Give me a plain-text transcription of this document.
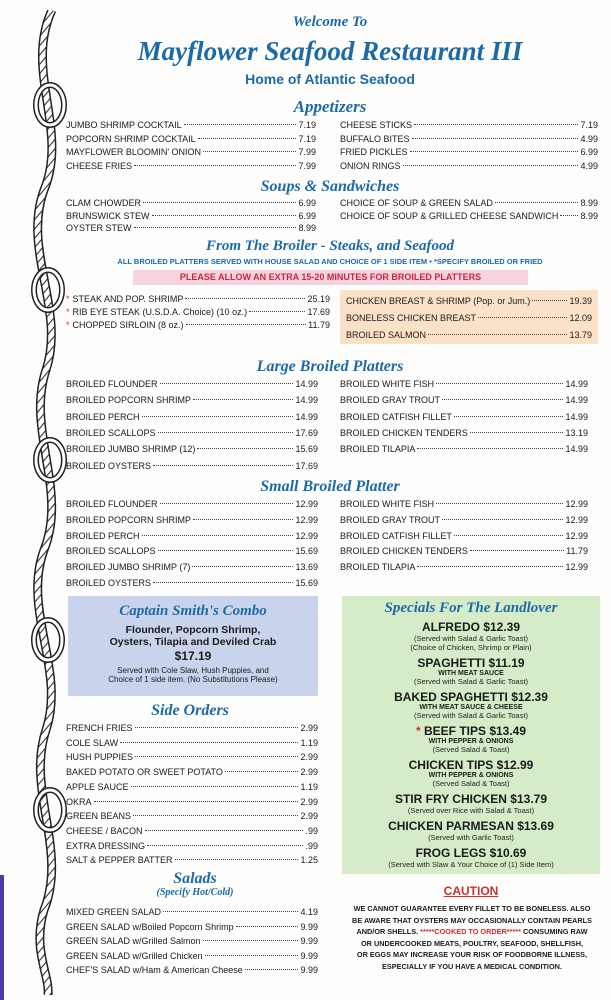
Welcome To
Mayflower Seafood Restaurant III
Home of Atlantic Seafood
Appetizers
Soups & Sandwiches
From The Broiler - Steaks, and Seafood
ALL BROILED PLATTERS SERVED WITH HOUSE SALAD AND CHOICE OF 1 SIDE ITEM • *SPECIFY BROILED OR FRIED
PLEASE ALLOW AN EXTRA 15-20 MINUTES FOR BROILED PLATTERS
Large Broiled Platters
Small Broiled Platter
Captain Smith's Combo
Flounder, Popcorn Shrimp,
Oysters, Tilapia and Deviled Crab
$17.19
Served with Cole Slaw, Hush Puppies, and
Choice of 1 side item. (No Substitutions Please)
Side Orders
Salads
(Specify Hot/Cold)
Specials For The Landlover
ALFREDO $12.39
(Served with Salad & Garlic Toast)
(Choice of Chicken, Shrimp or Plain)
SPAGHETTI $11.19
WITH MEAT SAUCE
(Served with Salad & Garlic Toast)
BAKED SPAGHETTI $12.39
WITH MEAT SAUCE & CHEESE
(Served with Salad & Garlic Toast)
* BEEF TIPS $13.49
WITH PEPPER & ONIONS
(Served Salad & Toast)
CHICKEN TIPS $12.99
WITH PEPPER & ONIONS
(Served Salad & Toast)
STIR FRY CHICKEN $13.79
(Served over Rice with Salad & Toast)
CHICKEN PARMESAN $13.69
(Served with Garlic Toast)
FROG LEGS $10.69
(Served with Slaw & Your Choice of (1) Side Item)
CAUTION
WE CANNOT GUARANTEE EVERY FILLET TO BE BONELESS. ALSO
BE AWARE THAT OYSTERS MAY OCCASIONALLY CONTAIN PEARLS
AND/OR SHELLS. *****COOKED TO ORDER***** CONSUMING RAW
OR UNDERCOOKED MEATS, POULTRY, SEAFOOD, SHELLFISH,
OR EGGS MAY INCREASE YOUR RISK OF FOODBORNE ILLNESS,
ESPECIALLY IF YOU HAVE A MEDICAL CONDITION.
JUMBO SHRIMP COCKTAIL	7.19
POPCORN SHRIMP COCKTAIL	7.19
MAYFLOWER BLOOMIN' ONION	7.99
CHEESE FRIES	7.99
CHEESE STICKS	7.19
BUFFALO BITES	4.99
FRIED PICKLES	6.99
ONION RINGS	4.99
CLAM CHOWDER	6.99
BRUNSWICK STEW	6.99
OYSTER STEW	8.99
CHOICE OF SOUP & GREEN SALAD	8.99
CHOICE OF SOUP & GRILLED CHEESE SANDWICH 8.99
* STEAK AND POP. SHRIMP	25.19
* RIB EYE STEAK (U.S.D.A. Choice) (10 oz.)	17.69
* CHOPPED SIRLOIN (8 oz.)	11.79
CHICKEN BREAST & SHRIMP (Pop. or Jum.)	19.39
BONELESS CHICKEN BREAST	12.09
BROILED SALMON	13.79
BROILED FLOUNDER	14.99
BROILED POPCORN SHRIMP	14.99
BROILED PERCH	14.99
BROILED SCALLOPS	17.69
BROILED JUMBO SHRIMP (12)	15.69
BROILED OYSTERS	17.69
BROILED WHITE FISH	14.99
BROILED GRAY TROUT	14.99
BROILED CATFISH FILLET	14.99
BROILED CHICKEN TENDERS	13.19
BROILED TILAPIA	14.99
BROILED FLOUNDER	12.99
BROILED POPCORN SHRIMP	12.99
BROILED PERCH	12.99
BROILED SCALLOPS	15.69
BROILED JUMBO SHRIMP (7)	13.69
BROILED OYSTERS	15.69
BROILED WHITE FISH	12.99
BROILED GRAY TROUT	12.99
BROILED CATFISH FILLET	12.99
BROILED CHICKEN TENDERS	11.79
BROILED TILAPIA	12.99
FRENCH FRIES	2.99
COLE SLAW	1.19
HUSH PUPPIES	2.99
BAKED POTATO OR SWEET POTATO	2.99
APPLE SAUCE	1.19
OKRA	2.99
GREEN BEANS	2.99
CHEESE / BACON	.99
EXTRA DRESSING	.99
SALT & PEPPER BATTER	1.25
MIXED GREEN SALAD	4.19
GREEN SALAD w/Boiled Popcorn Shrimp	9.99
GREEN SALAD w/Grilled Salmon	9.99
GREEN SALAD w/Grilled Chicken	9.99
CHEF'S SALAD w/Ham & American Cheese	9.99
